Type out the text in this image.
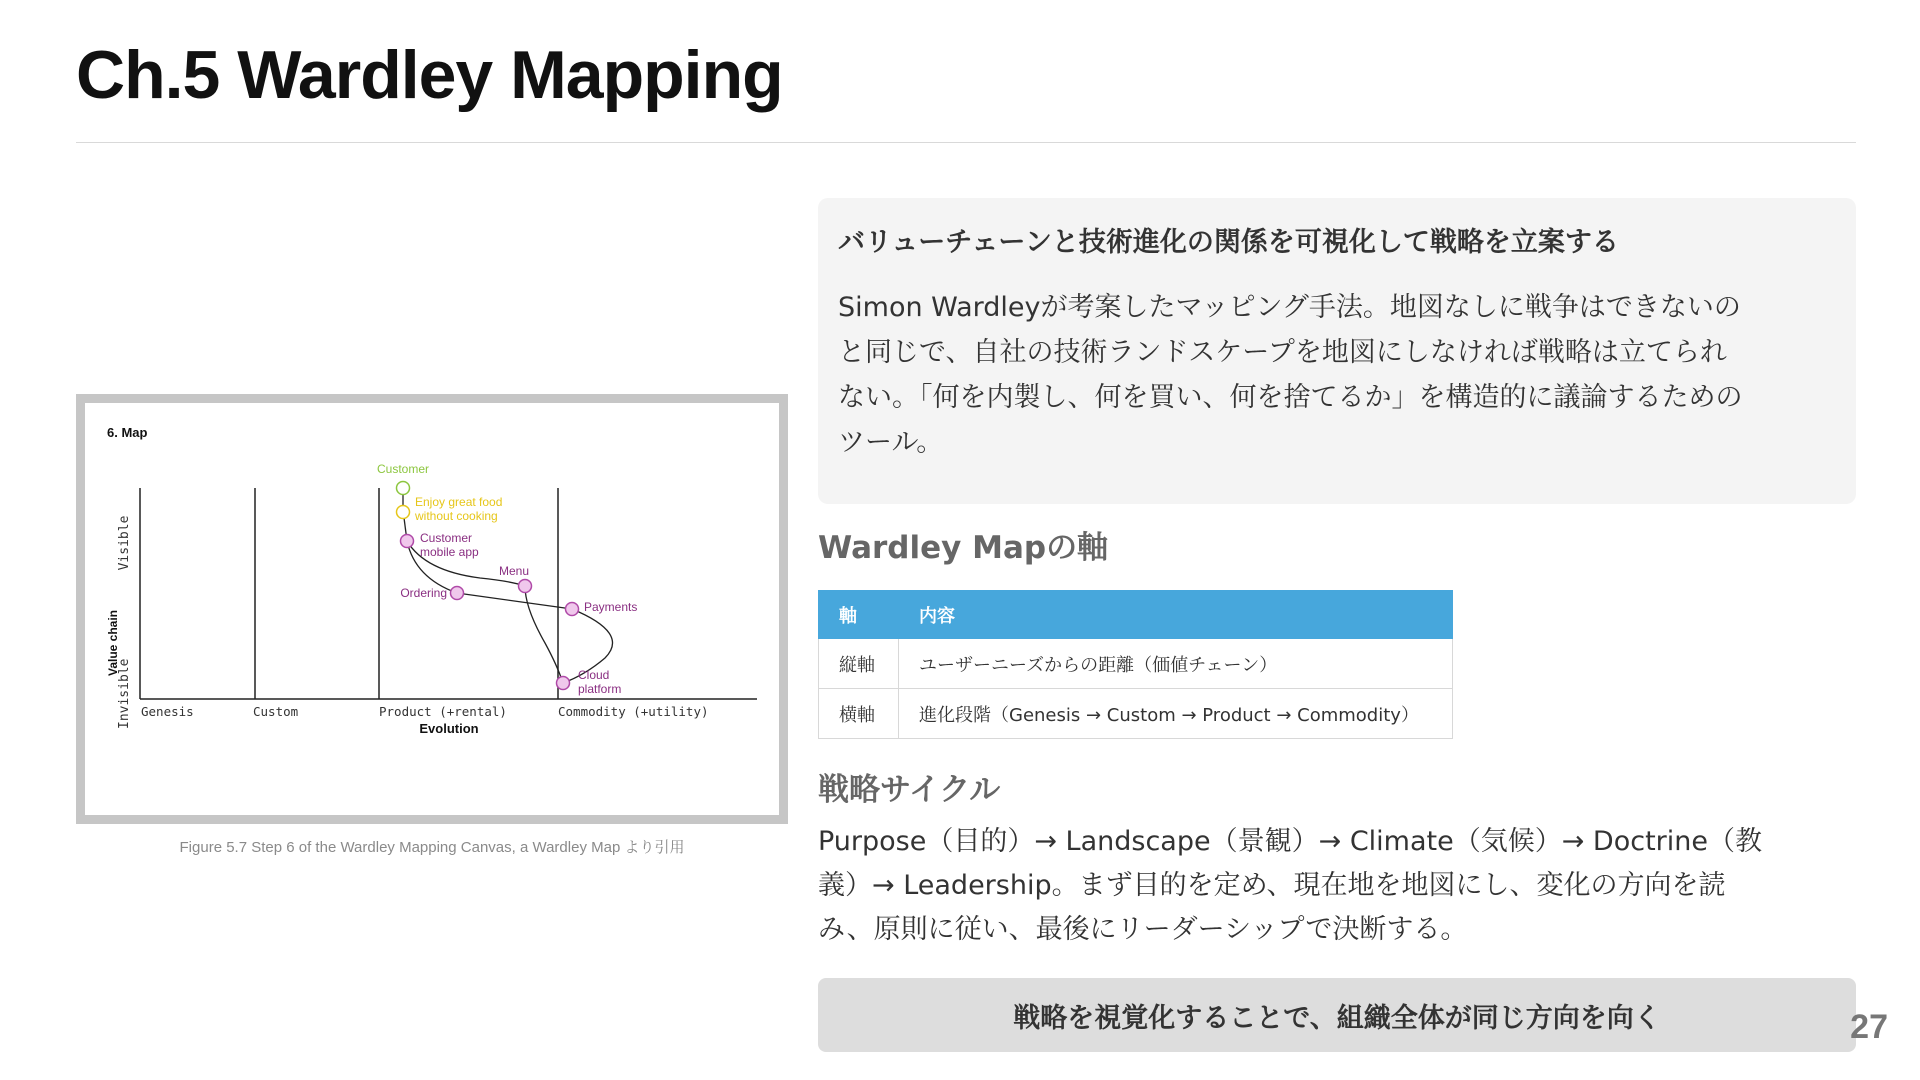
Ch.5 Wardley Mapping
6. Map
Visible
Invisible
Value chain
Genesis	Custom	Product (+rental)	Commodity (+utility)
Evolution
Customer
Enjoy great food
without cooking
Customer
mobile app
Menu
Ordering
Payments
Cloud
platform
Figure 5.7 Step 6 of the Wardley Mapping Canvas, a Wardley Map より引用
バリューチェーンと技術進化の関係を可視化して戦略を立案する
Simon Wardleyが考案したマッピング手法。地図なしに戦争はできないの
と同じで、自社の技術ランドスケープを地図にしなければ戦略は立てられ
ない。「何を内製し、何を買い、何を捨てるか」を構造的に議論するための
ツール。
Wardley Mapの軸
軸	内容
縦軸	ユーザーニーズからの距離（価値チェーン）
横軸	進化段階（Genesis → Custom → Product → Commodity）
戦略サイクル
Purpose（目的）→ Landscape（景観）→ Climate（気候）→ Doctrine（教
義）→ Leadership。まず目的を定め、現在地を地図にし、変化の方向を読
み、原則に従い、最後にリーダーシップで決断する。
戦略を視覚化することで、組織全体が同じ方向を向く	27
